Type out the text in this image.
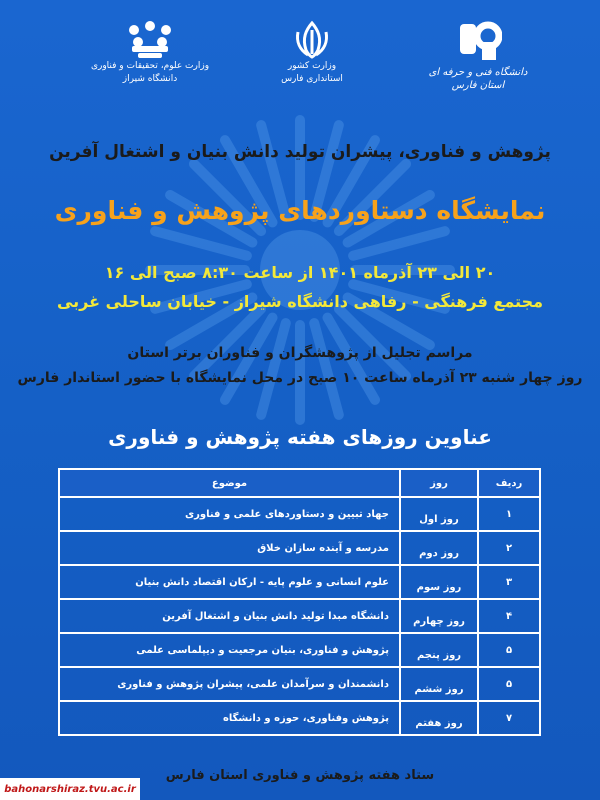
دانشگاه فنی و حرفه ای
استان فارس
وزارت کشور
استانداری فارس
وزارت علوم، تحقیقات و فناوری
دانشگاه شیراز
پژوهش و فناوری، پیشران تولید دانش بنیان و اشتغال آفرین
نمایشگاه دستاوردهای پژوهش و فناوری
۲۰ الی ۲۳ آذرماه ۱۴۰۱ از ساعت ۸:۳۰ صبح الی ۱۶
مجتمع فرهنگی - رفاهی دانشگاه شیراز - خیابان ساحلی غربی
مراسم تجلیل از پژوهشگران و فناوران برتر استان
روز چهار شنبه ۲۳ آذرماه ساعت ۱۰ صبح در محل نمایشگاه با حضور استاندار فارس
عناوین روزهای هفته پژوهش و فناوری
ردیف
روز
موضوع
۱
روز اول
جهاد تبیین و دستاوردهای علمی و فناوری
۲
روز دوم
مدرسه و آینده سازان خلاق
۳
روز سوم
علوم انسانی و علوم پایه - ارکان اقتصاد دانش بنیان
۴
روز چهارم
دانشگاه مبدا تولید دانش بنیان و اشتغال آفرین
۵
روز پنجم
پژوهش و فناوری، بنیان مرجعیت و دیپلماسی علمی
۵
روز ششم
دانشمندان و سرآمدان علمی، پیشران پژوهش و فناوری
۷
روز هفتم
پژوهش وفناوری، حوزه و دانشگاه
ستاد هفته پژوهش و فناوری استان فارس
bahonarshiraz.tvu.ac.ir
